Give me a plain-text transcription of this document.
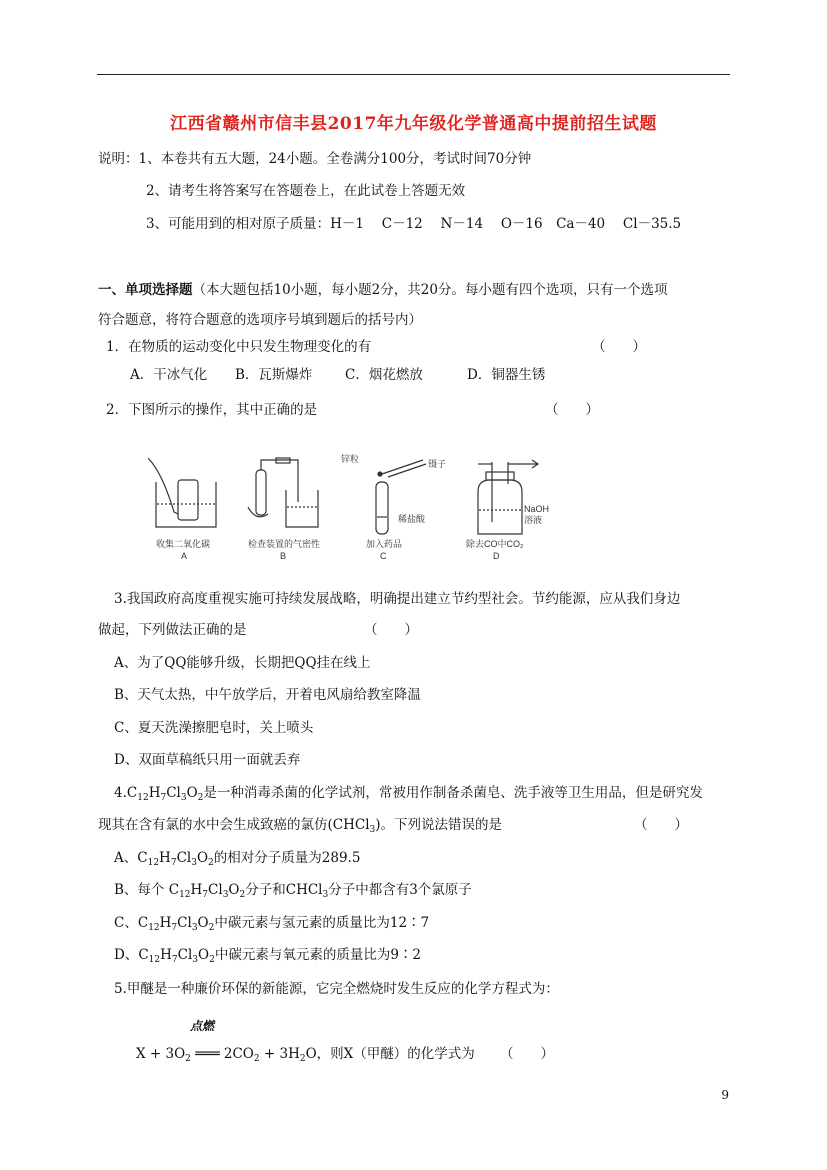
江西省赣州市信丰县2017年九年级化学普通高中提前招生试题
说明：1、本卷共有五大题，24小题。全卷满分100分，考试时间70分钟
2、请考生将答案写在答题卷上，在此试卷上答题无效
3、可能用到的相对原子质量：H－1　 C－12　 N－14　 O－16　Ca－40　 Cl－35.5
一、单项选择题（本大题包括10小题，每小题2分，共20分。每小题有四个选项，只有一个选项
符合题意，将符合题意的选项序号填到题后的括号内）
1．在物质的运动变化中只发生物理变化的有	（　　）
A．干冰气化 B．瓦斯爆炸 C．烟花燃放	D．铜器生锈
2．下图所示的操作，其中正确的是	（　　）
锌粒	镊子
稀盐酸
NaOH
溶液
收集二氧化碳	检查装置的气密性	加入药品	除去CO中CO₂
A	B	C	D
3.我国政府高度重视实施可持续发展战略，明确提出建立节约型社会。节约能源，应从我们身边
做起，下列做法正确的是	（　　）
A、为了QQ能够升级，长期把QQ挂在线上
B、天气太热，中午放学后，开着电风扇给教室降温
C、夏天洗澡擦肥皂时，关上喷头
D、双面草稿纸只用一面就丢弃
$4.C_{12}H_7Cl_3O_2$是一种消毒杀菌的化学试剂，常被用作制备杀菌皂、洗手液等卫生用品，但是研究发
现其在含有氯的水中会生成致癌的氯仿(CHCl$_3$)。下列说法错误的是	（　　）
A、$C_{12}H_7Cl_3O_2$的相对分子质量为289.5
B、每个 $C_{12}H_7Cl_3O_2$分子和CHCl$_3$分子中都含有3个氯原子
C、$C_{12}H_7Cl_3O_2$中碳元素与氢元素的质量比为12∶7
D、$C_{12}H_7Cl_3O_2$中碳元素与氧元素的质量比为9∶2
5.甲醚是一种廉价环保的新能源，它完全燃烧时发生反应的化学方程式为：
点燃
$X + 3O_2$ ═══ $2CO_2 + 3H_2O$，则X（甲醚）的化学式为 （　　）
9
